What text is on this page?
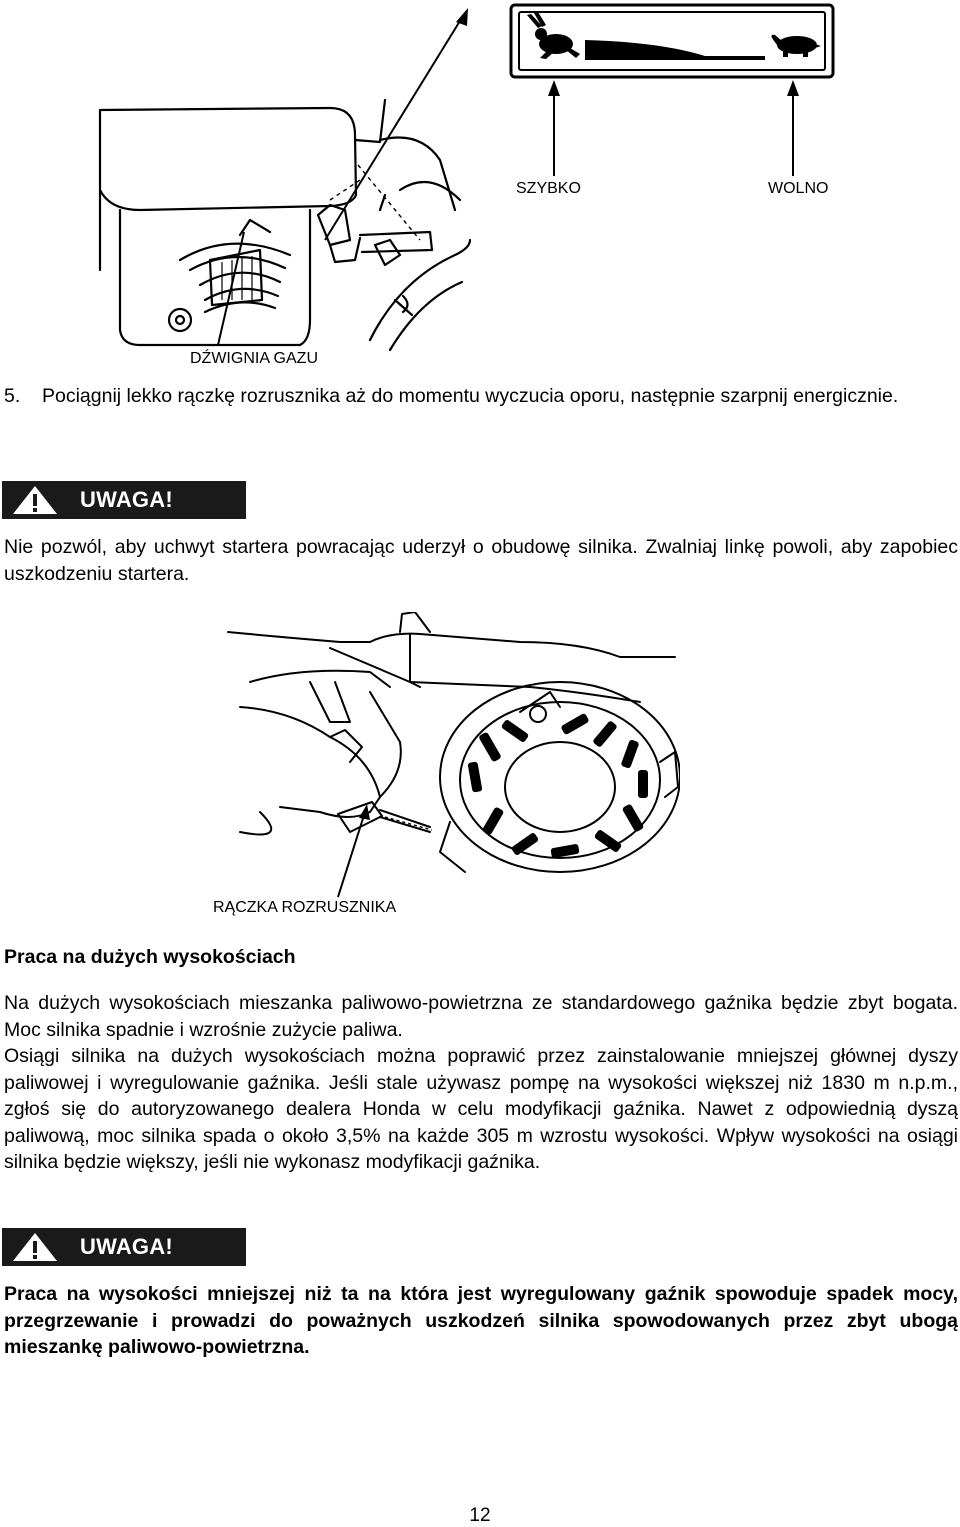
SZYBKO	WOLNO
DŹWIGNIA GAZU
5. Pociągnij lekko rączkę rozrusznika aż do momentu wyczucia oporu, następnie szarpnij energicznie.
UWAGA!
Nie pozwól, aby uchwyt startera powracając uderzył o obudowę silnika. Zwalniaj linkę powoli, aby zapobiec uszkodzeniu startera.
RĄCZKA ROZRUSZNIKA
Praca na dużych wysokościach
Na dużych wysokościach mieszanka paliwowo-powietrzna ze standardowego gaźnika będzie zbyt bogata. Moc silnika spadnie i wzrośnie zużycie paliwa.
Osiągi silnika na dużych wysokościach można poprawić przez zainstalowanie mniejszej głównej dyszy paliwowej i wyregulowanie gaźnika. Jeśli stale używasz pompę na wysokości większej niż 1830 m n.p.m., zgłoś się do autoryzowanego dealera Honda w celu modyfikacji gaźnika. Nawet z odpowiednią dyszą paliwową, moc silnika spada o około 3,5% na każde 305 m wzrostu wysokości. Wpływ wysokości na osiągi silnika będzie większy, jeśli nie wykonasz modyfikacji gaźnika.
UWAGA!
Praca na wysokości mniejszej niż ta na która jest wyregulowany gaźnik spowoduje spadek mocy, przegrzewanie i prowadzi do poważnych uszkodzeń silnika spowodowanych przez zbyt ubogą mieszankę paliwowo-powietrzna.
12
